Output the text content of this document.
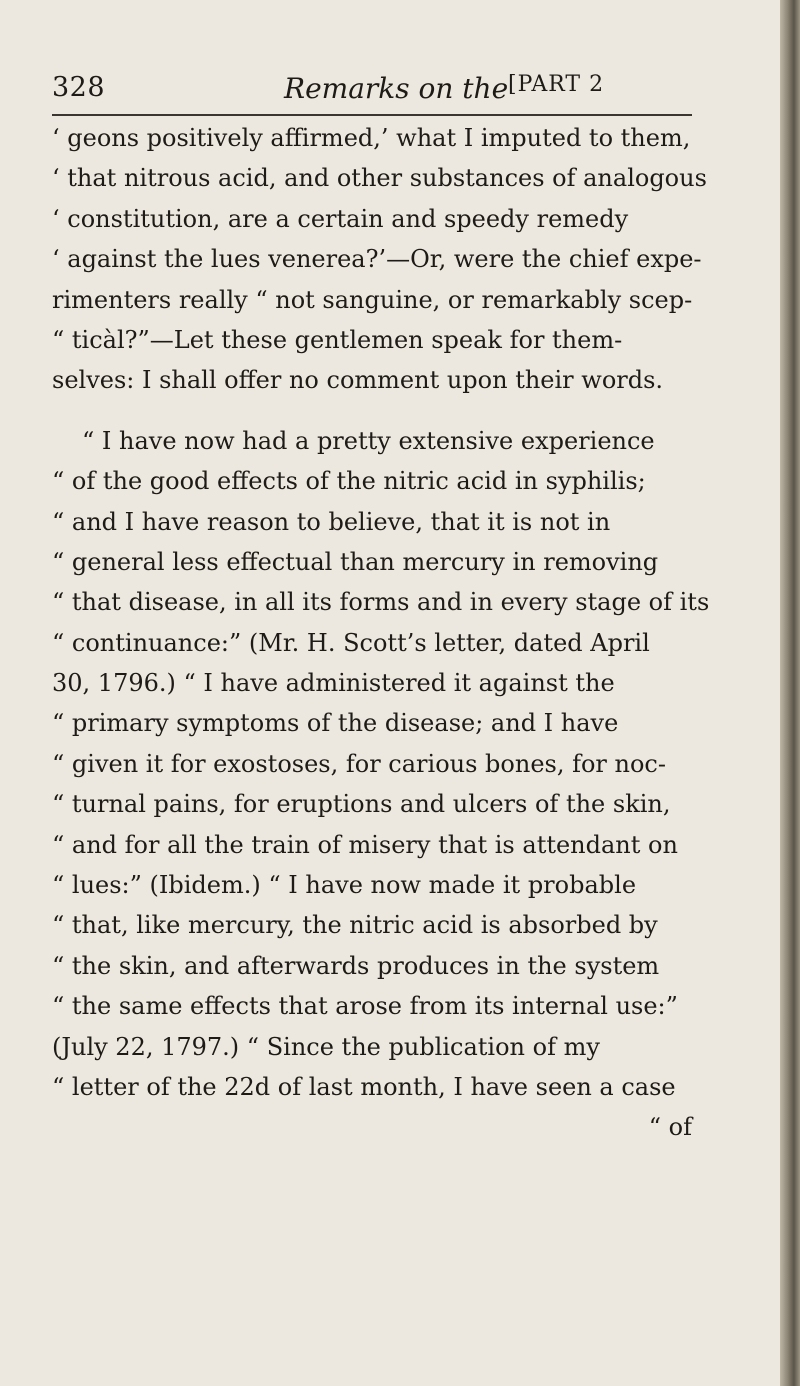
328	Remarks on the [PART 2
‘ geons positively affirmed,’ what I imputed to them,
‘ that nitrous acid, and other substances of analogous
‘ constitution, are a certain and speedy remedy
‘ against the lues venerea?’—Or, were the chief expe-
rimenters really “ not sanguine, or remarkably scep-
“ ticàl?”—Let these gentlemen speak for them-
selves: I shall offer no comment upon their words.
“ I have now had a pretty extensive experience
“ of the good effects of the nitric acid in syphilis;
“ and I have reason to believe, that it is not in
“ general less effectual than mercury in removing
“ that disease, in all its forms and in every stage of its
“ continuance:” (Mr. H. Scott’s letter, dated April
30, 1796.) “ I have administered it against the
“ primary symptoms of the disease; and I have
“ given it for exostoses, for carious bones, for noc-
“ turnal pains, for eruptions and ulcers of the skin,
“ and for all the train of misery that is attendant on
“ lues:” (Ibidem.) “ I have now made it probable
“ that, like mercury, the nitric acid is absorbed by
“ the skin, and afterwards produces in the system
“ the same effects that arose from its internal use:”
(July 22, 1797.) “ Since the publication of my
“ letter of the 22d of last month, I have seen a case
“ of
